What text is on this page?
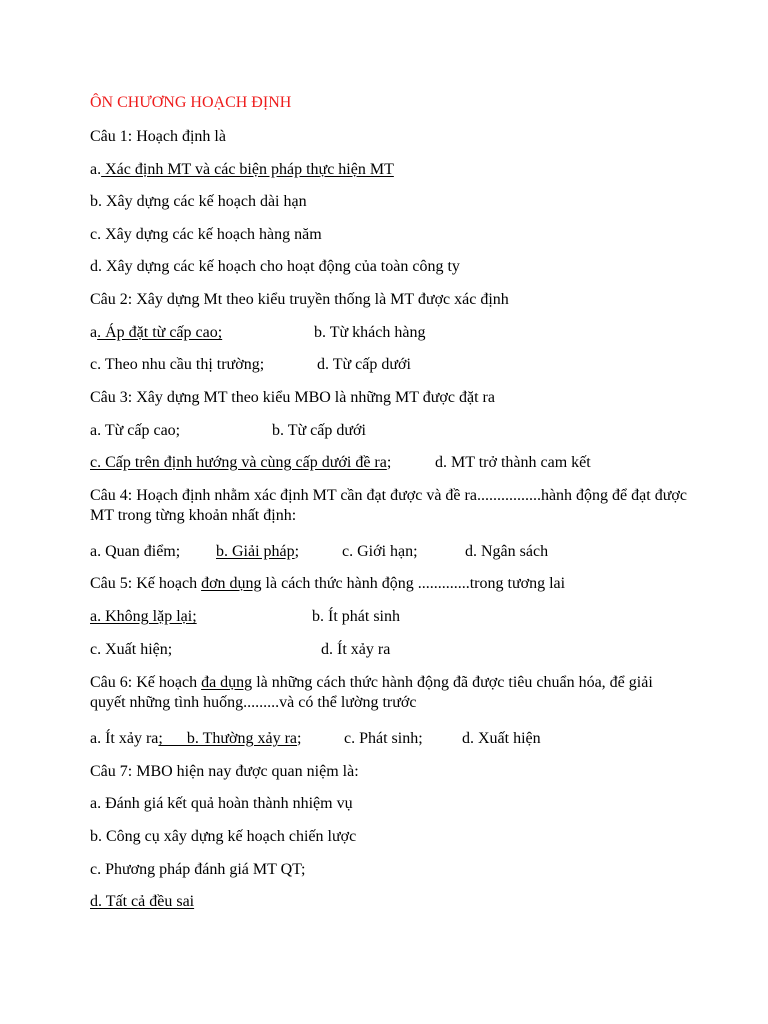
ÔN CHƯƠNG HOẠCH ĐỊNH
Câu 1: Hoạch định là
a. Xác định MT và các biện pháp thực hiện MT
b. Xây dựng các kế hoạch dài hạn
c. Xây dựng các kế hoạch hàng năm
d. Xây dựng các kế hoạch cho hoạt động của toàn công ty
Câu 2: Xây dựng Mt theo kiểu truyền thống là MT được xác định
a. Áp đặt từ cấp cao;	b. Từ khách hàng
c. Theo nhu cầu thị trường;	d. Từ cấp dưới
Câu 3: Xây dựng MT theo kiểu MBO là những MT được đặt ra
a. Từ cấp cao;	b. Từ cấp dưới
c. Cấp trên định hướng và cùng cấp dưới đề ra;	d. MT trở thành cam kết
Câu 4: Hoạch định nhằm xác định MT cần đạt được và đề ra................hành động để đạt được MT trong từng khoản nhất định:
a. Quan điểm; b. Giải pháp;	c. Giới hạn;	d. Ngân sách
Câu 5: Kế hoạch đơn dụng là cách thức hành động .............trong tương lai
a. Không lặp lại;	b. Ít phát sinh
c. Xuất hiện;	d. Ít xảy ra
Câu 6: Kế hoạch đa dụng là những cách thức hành động đã được tiêu chuẩn hóa, để giải quyết những tình huống.........và có thể lường trước
a. Ít xảy ra;      b. Thường xảy ra;	c. Phát sinh; d. Xuất hiện
Câu 7: MBO hiện nay được quan niệm là:
a. Đánh giá kết quả hoàn thành nhiệm vụ
b. Công cụ xây dựng kế hoạch chiến lược
c. Phương pháp đánh giá MT QT;
d. Tất cả đều sai
